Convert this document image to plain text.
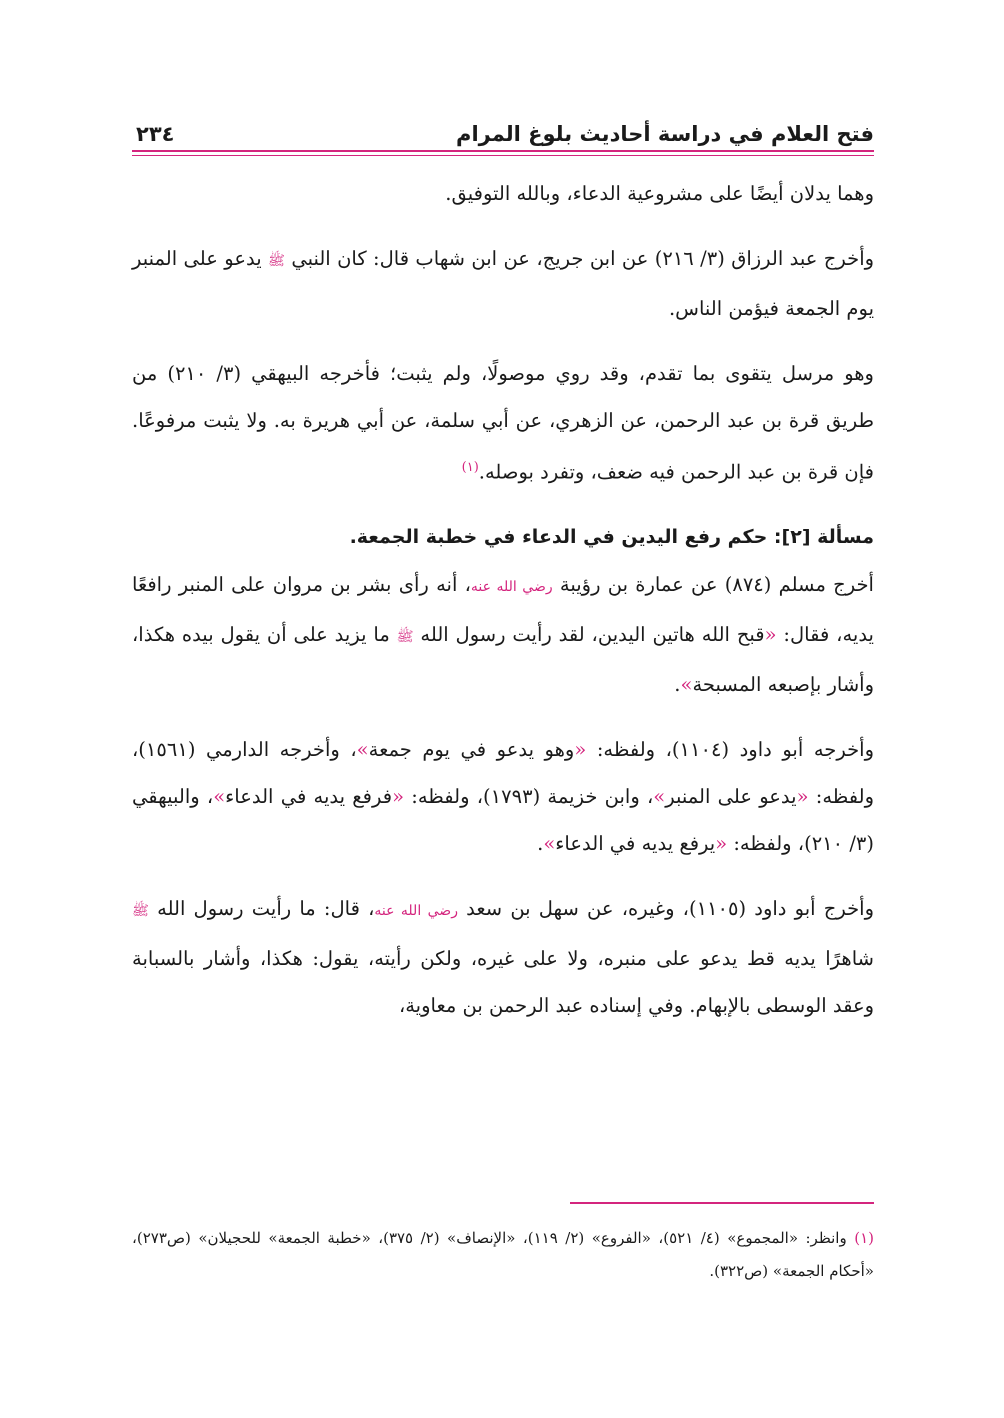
فتح العلام في دراسة أحاديث بلوغ المرام
٢٣٤

وهما يدلان أيضًا على مشروعية الدعاء، وبالله التوفيق.

وأخرج عبد الرزاق (٣/ ٢١٦) عن ابن جريج، عن ابن شهاب قال: كان النبي ﷺ يدعو على المنبر يوم الجمعة فيؤمن الناس.

وهو مرسل يتقوى بما تقدم، وقد روي موصولًا، ولم يثبت؛ فأخرجه البيهقي (٣/ ٢١٠) من طريق قرة بن عبد الرحمن، عن الزهري، عن أبي سلمة، عن أبي هريرة به. ولا يثبت مرفوعًا. فإن قرة بن عبد الرحمن فيه ضعف، وتفرد بوصله.$^{(١)}$

مسألة [٢]: حكم رفع اليدين في الدعاء في خطبة الجمعة.

أخرج مسلم (٨٧٤) عن عمارة بن رؤيبة رضي الله عنه، أنه رأى بشر بن مروان على المنبر رافعًا يديه، فقال: «قبح الله هاتين اليدين، لقد رأيت رسول الله ﷺ ما يزيد على أن يقول بيده هكذا، وأشار بإصبعه المسبحة».

وأخرجه أبو داود (١١٠٤)، ولفظه: «وهو يدعو في يوم جمعة»، وأخرجه الدارمي (١٥٦١)، ولفظه: «يدعو على المنبر»، وابن خزيمة (١٧٩٣)، ولفظه: «فرفع يديه في الدعاء»، والبيهقي (٣/ ٢١٠)، ولفظه: «يرفع يديه في الدعاء».

وأخرج أبو داود (١١٠٥)، وغيره، عن سهل بن سعد رضي الله عنه، قال: ما رأيت رسول الله ﷺ شاهرًا يديه قط يدعو على منبره، ولا على غيره، ولكن رأيته، يقول: هكذا، وأشار بالسبابة وعقد الوسطى بالإبهام. وفي إسناده عبد الرحمن بن معاوية،

(١) وانظر: «المجموع» (٤/ ٥٢١)، «الفروع» (٢/ ١١٩)، «الإنصاف» (٢/ ٣٧٥)، «خطبة الجمعة» للحجيلان» (ص٢٧٣)، «أحكام الجمعة» (ص٣٢٢).
